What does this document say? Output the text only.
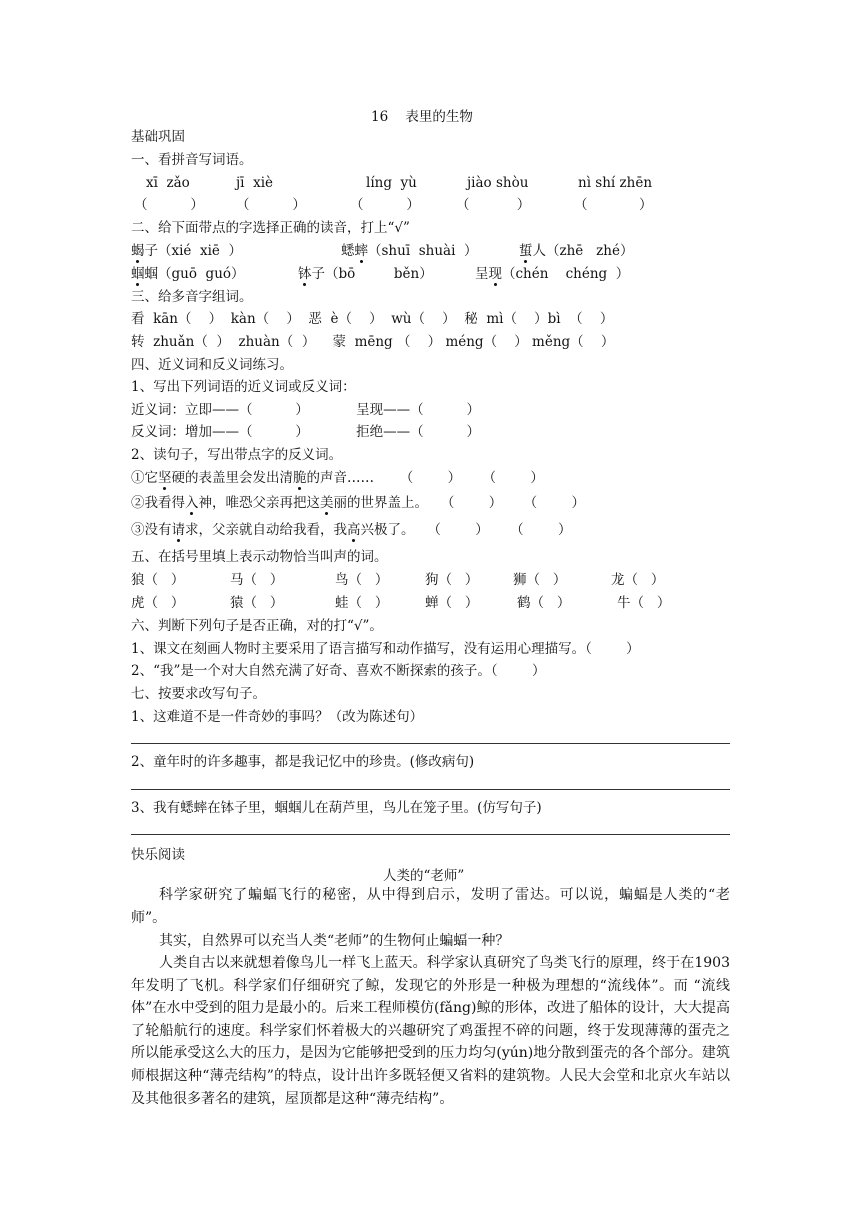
16    表里的生物
基础巩固
一、看拼音写词语。
xī  zǎo	jī  xiè	líng  yù	jiào shòu	nì shí zhēn
（          ） （          ）	（          ）	（           ）	（            ）
二、给下面带点的字选择正确的读音，打上“√”
蝎子（xié  xiē  ）	蟋蟀（shuī  shuài  ）	蜇人（zhē   zhé）
蝈蝈（guō  guó）	钵子（bō         běn）	呈现（chén    chéng  ）
三、给多音字组词。
看  kān（    ）  kàn（    ）  恶  è（    ）  wù（    ）  秘  mì（    ）bì  （    ）
转  zhuǎn（  ）  zhuàn（  ）    蒙  mēng （    ） méng（    ） měng（    ）
四、近义词和反义词练习。
1、写出下列词语的近义词或反义词：
近义词：立即——（          ）           呈现——（          ）
反义词：增加——（          ）           拒绝——（          ）
2、读句子，写出带点字的反义词。
①它坚硬的表盖里会发出清脆的声音……      （        ）     （        ）
②我看得入神，唯恐父亲再把这美丽的世界盖上。   （        ）     （        ）
③没有请求，父亲就自动给我看，我高兴极了。   （        ）     （        ）
五、在括号里填上表示动物恰当叫声的词。
狼（   ）	马（   ）	鸟（   ）	狗（   ）	狮（   ）	龙（   ）
虎（   ）	猿（   ）	蛙（   ）	蝉（   ）	鹤（   ）	牛（   ）
六、判断下列句子是否正确，对的打“√”。
1、课文在刻画人物时主要采用了语言描写和动作描写，没有运用心理描写。（        ）
2、“我”是一个对大自然充满了好奇、喜欢不断探索的孩子。（        ）
七、按要求改写句子。
1、这难道不是一件奇妙的事吗？（改为陈述句）
2、童年时的许多趣事，都是我记忆中的珍贵。(修改病句)
3、我有蟋蟀在钵子里，蝈蝈儿在葫芦里，鸟儿在笼子里。(仿写句子)
快乐阅读
人类的“老师”
科学家研究了蝙蝠飞行的秘密，从中得到启示，发明了雷达。可以说，蝙蝠是人类的“老师”。
其实，自然界可以充当人类“老师”的生物何止蝙蝠一种？
人类自古以来就想着像鸟儿一样飞上蓝天。科学家认真研究了鸟类飞行的原理，终于在1903年发明了飞机。科学家们仔细研究了鲸，发现它的外形是一种极为理想的“流线体”。而 “流线体”在水中受到的阻力是最小的。后来工程师模仿(fǎng)鲸的形体，改进了船体的设计，大大提高了轮船航行的速度。科学家们怀着极大的兴趣研究了鸡蛋捏不碎的问题，终于发现薄薄的蛋壳之所以能承受这么大的压力，是因为它能够把受到的压力均匀(yún)地分散到蛋壳的各个部分。建筑师根据这种“薄壳结构”的特点，设计出许多既轻便又省料的建筑物。人民大会堂和北京火车站以及其他很多著名的建筑，屋顶都是这种“薄壳结构”。
